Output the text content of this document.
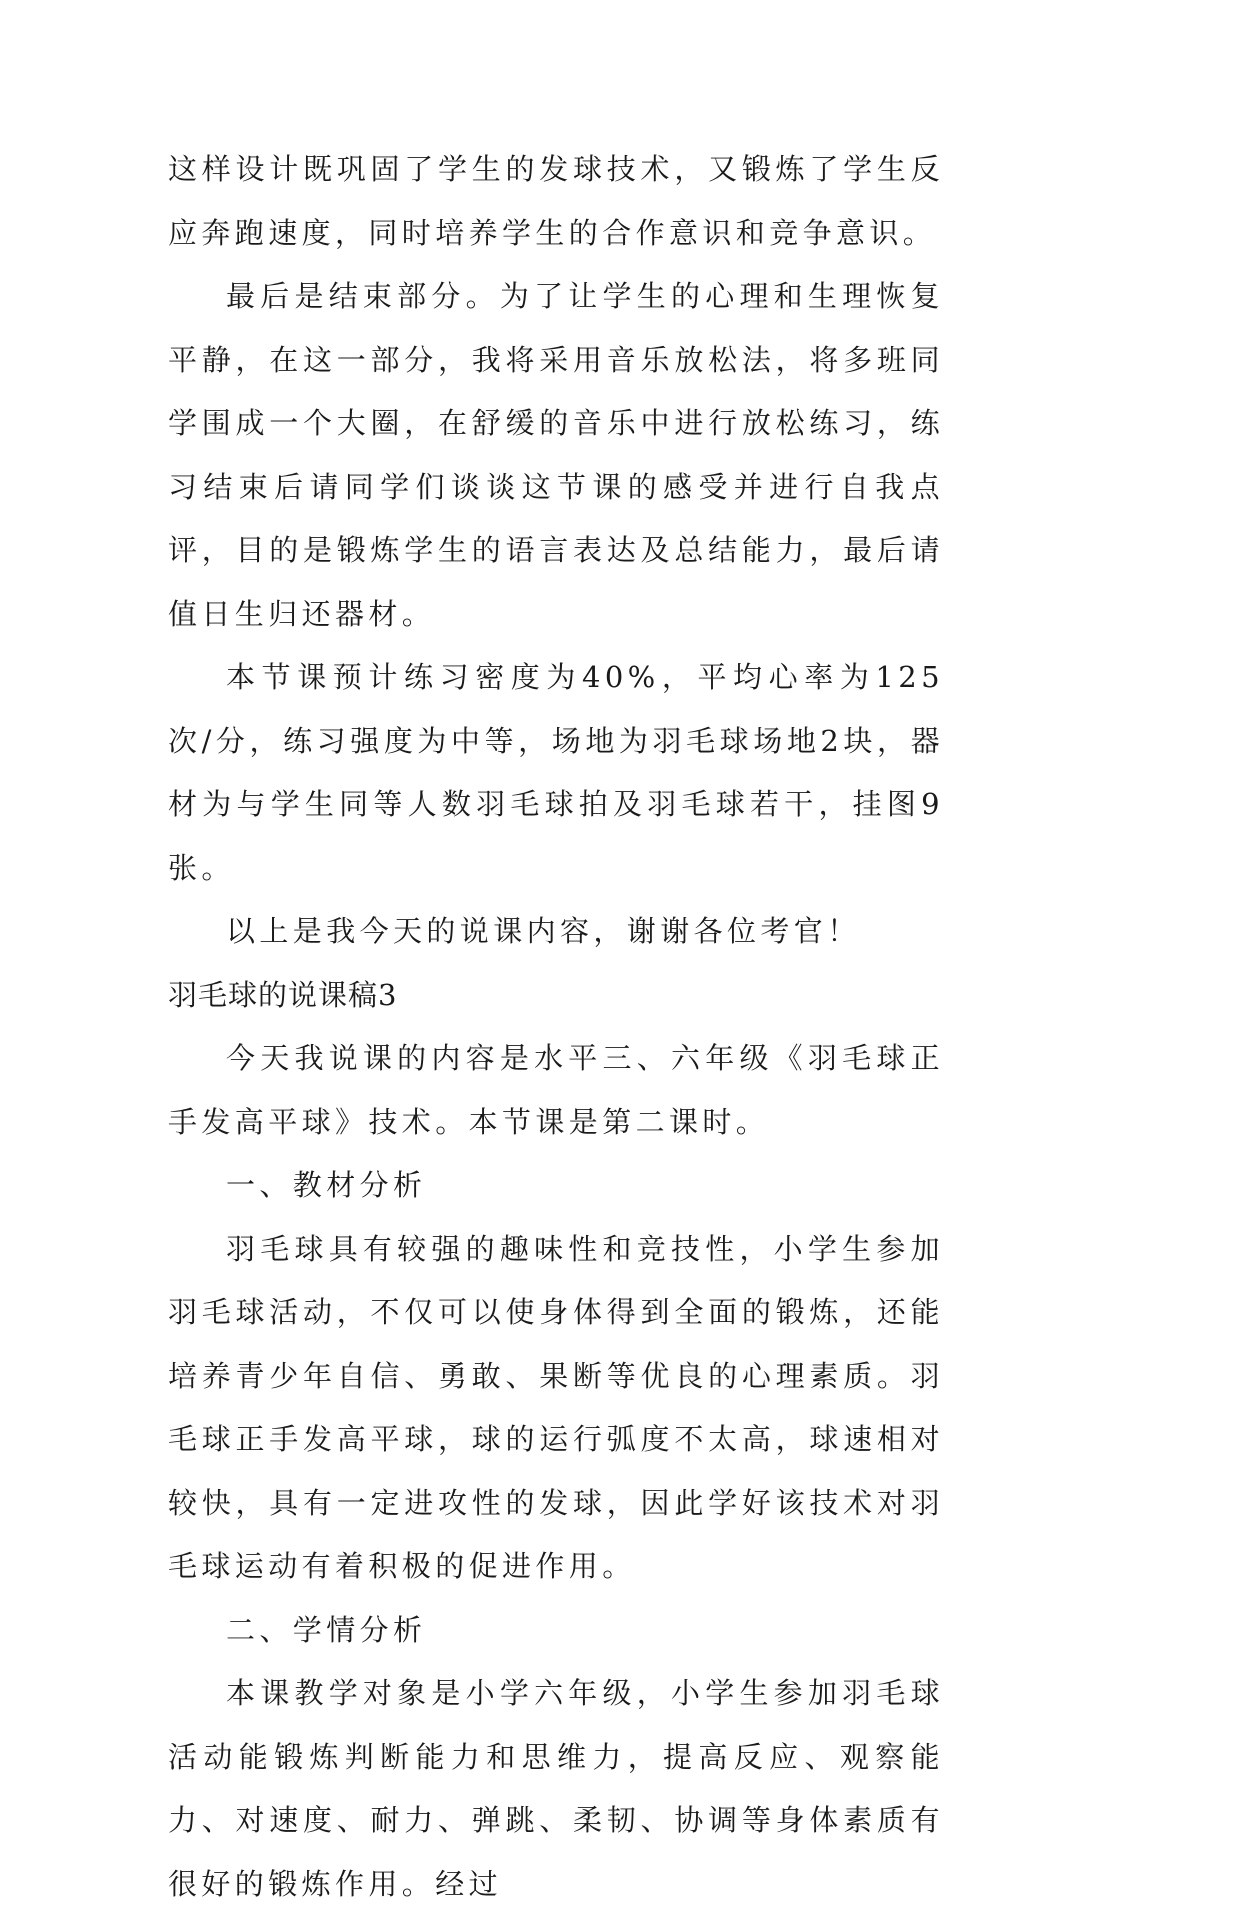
这样设计既巩固了学生的发球技术，又锻炼了学生反应奔跑速度，同时培养学生的合作意识和竞争意识。

最后是结束部分。为了让学生的心理和生理恢复平静，在这一部分，我将采用音乐放松法，将多班同学围成一个大圈，在舒缓的音乐中进行放松练习，练习结束后请同学们谈谈这节课的感受并进行自我点评，目的是锻炼学生的语言表达及总结能力，最后请值日生归还器材。

本节课预计练习密度为40%，平均心率为125次/分，练习强度为中等，场地为羽毛球场地2块，器材为与学生同等人数羽毛球拍及羽毛球若干，挂图9张。

以上是我今天的说课内容，谢谢各位考官！

羽毛球的说课稿3

今天我说课的内容是水平三、六年级《羽毛球正手发高平球》技术。本节课是第二课时。

一、教材分析

羽毛球具有较强的趣味性和竞技性，小学生参加羽毛球活动，不仅可以使身体得到全面的锻炼，还能培养青少年自信、勇敢、果断等优良的心理素质。羽毛球正手发高平球，球的运行弧度不太高，球速相对较快，具有一定进攻性的发球，因此学好该技术对羽毛球运动有着积极的促进作用。

二、学情分析

本课教学对象是小学六年级，小学生参加羽毛球活动能锻炼判断能力和思维力，提高反应、观察能力、对速度、耐力、弹跳、柔韧、协调等身体素质有很好的锻炼作用。经过
